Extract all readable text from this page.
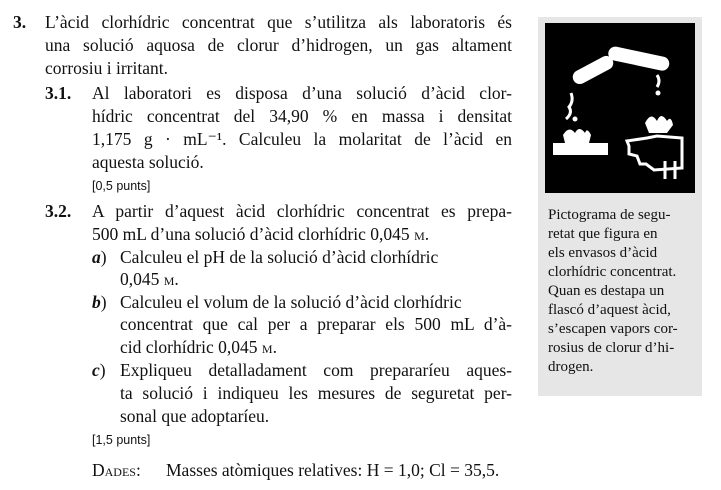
3. L’àcid clorhídric concentrat que s’utilitza als laboratoris és
una solució aquosa de clorur d’hidrogen, un gas altament
corrosiu i irritant.
3.1. Al laboratori es disposa d’una solució d’àcid clor-
hídric concentrat del 34,90 % en massa i densitat
1,175 g · mL⁻¹. Calculeu la molaritat de l’àcid en
aquesta solució.
[0,5 punts]
3.2. A partir d’aquest àcid clorhídric concentrat es prepa-
500 mL d’una solució d’àcid clorhídric 0,045 m.
a) Calculeu el pH de la solució d’àcid clorhídric
0,045 m.
b) Calculeu el volum de la solució d’àcid clorhídric
concentrat que cal per a preparar els 500 mL d’à-
cid clorhídric 0,045 m.
c) Expliqueu detalladament com prepararíeu aques-
ta solució i indiqueu les mesures de seguretat per-
sonal que adoptaríeu.
[1,5 punts]
Dades: Masses atòmiques relatives: H = 1,0; Cl = 35,5.
Pictograma de segu-
retat que figura en
els envasos d’àcid
clorhídric concentrat.
Quan es destapa un
flascó d’aquest àcid,
s’escapen vapors cor-
rosius de clorur d’hi-
drogen.
